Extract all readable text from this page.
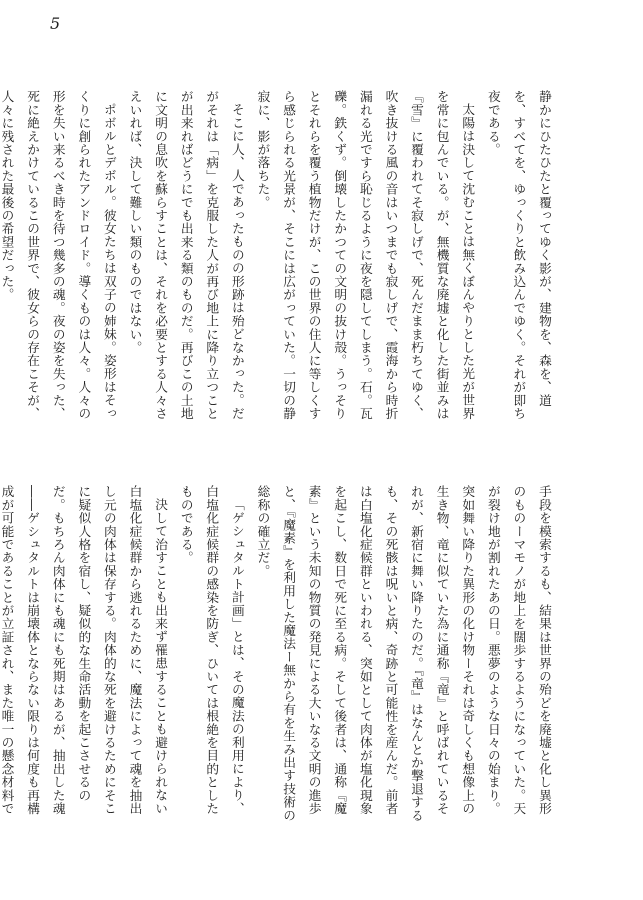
5

静かにひたひたと覆ってゆく影が、建物を、森を、道を、すべてを、ゆっくりと飲み込んでゆく。それが即ち夜である。

太陽は決して沈むことは無くぼんやりとした光が世界を常に包んでいる。が、無機質な廃墟と化した街並みは『雪』に覆われてそ寂しげで、死んだまま朽ちてゆく、吹き抜ける風の音はいつまでも寂しげで、霞海から時折漏れる光ですら恥じるように夜を隠してしまう。石。瓦礫。鉄くず。倒壊したかつての文明の抜け殻。うっそりとそれらを覆う植物だけが、この世界の住人に等しくすら感じられる光景が、そこには広がっていた。一切の静寂に、影が落ちた。

そこに人、人であったものの形跡は殆どなかった。だがそれは「病」を克服した人が再び地上に降り立つことが出来ればどうにでも出来る類のものだ。再びこの土地に文明の息吹を蘇らすことは、それを必要とする人々さえいれば、決して難しい類のものではない。

ポボルとデボル。彼女たちは双子の姉妹。姿形はそっくりに創られたアンドロイド。導くものは人々。人々の形を失い来るべき時を待つ幾多の魂。夜の姿を失った、死に絶えかけているこの世界で、彼女らの存在こそが、人々に残された最後の希望だった。

手段を模索するも、結果は世界の殆どを廃墟と化し異形のものーマモノが地上を闊歩するようになっていた。天が裂け地が割れたあの日。悪夢のような日々の始まり。突如舞い降りた異形の化け物ーそれは奇しくも想像上の生き物、竜に似ていた為に通称『竜』と呼ばれているそれが、新宿に舞い降りたのだ。『竜』はなんとか撃退するも、その死骸は呪いと病、奇跡と可能性を産んだ。前者は白塩化症候群といわれる、突如として肉体が塩化現象を起こし、数日で死に至る病。そして後者は、通称『魔素』という未知の物質の発見による大いなる文明の進歩と、『魔素』を利用した魔法ー無から有を生み出す技術の総称の確立だ。

「ゲシュタルト計画」とは、その魔法の利用により、白塩化症候群の感染を防ぎ、ひいては根絶を目的としたものである。

決して治すことも出来ず罹患することも避けられない白塩化症候群から逃れるために、魔法によって魂を抽出し元の肉体は保存する。肉体的な死を避けるためにそこに疑似人格を宿し、疑似的な生命活動を起こさせるのだ。もちろん肉体にも魂にも死期はあるが、抽出した魂――ゲシュタルトは崩壊体とならない限りは何度も再構成が可能であることが立証され、また唯一の懸念材料で
